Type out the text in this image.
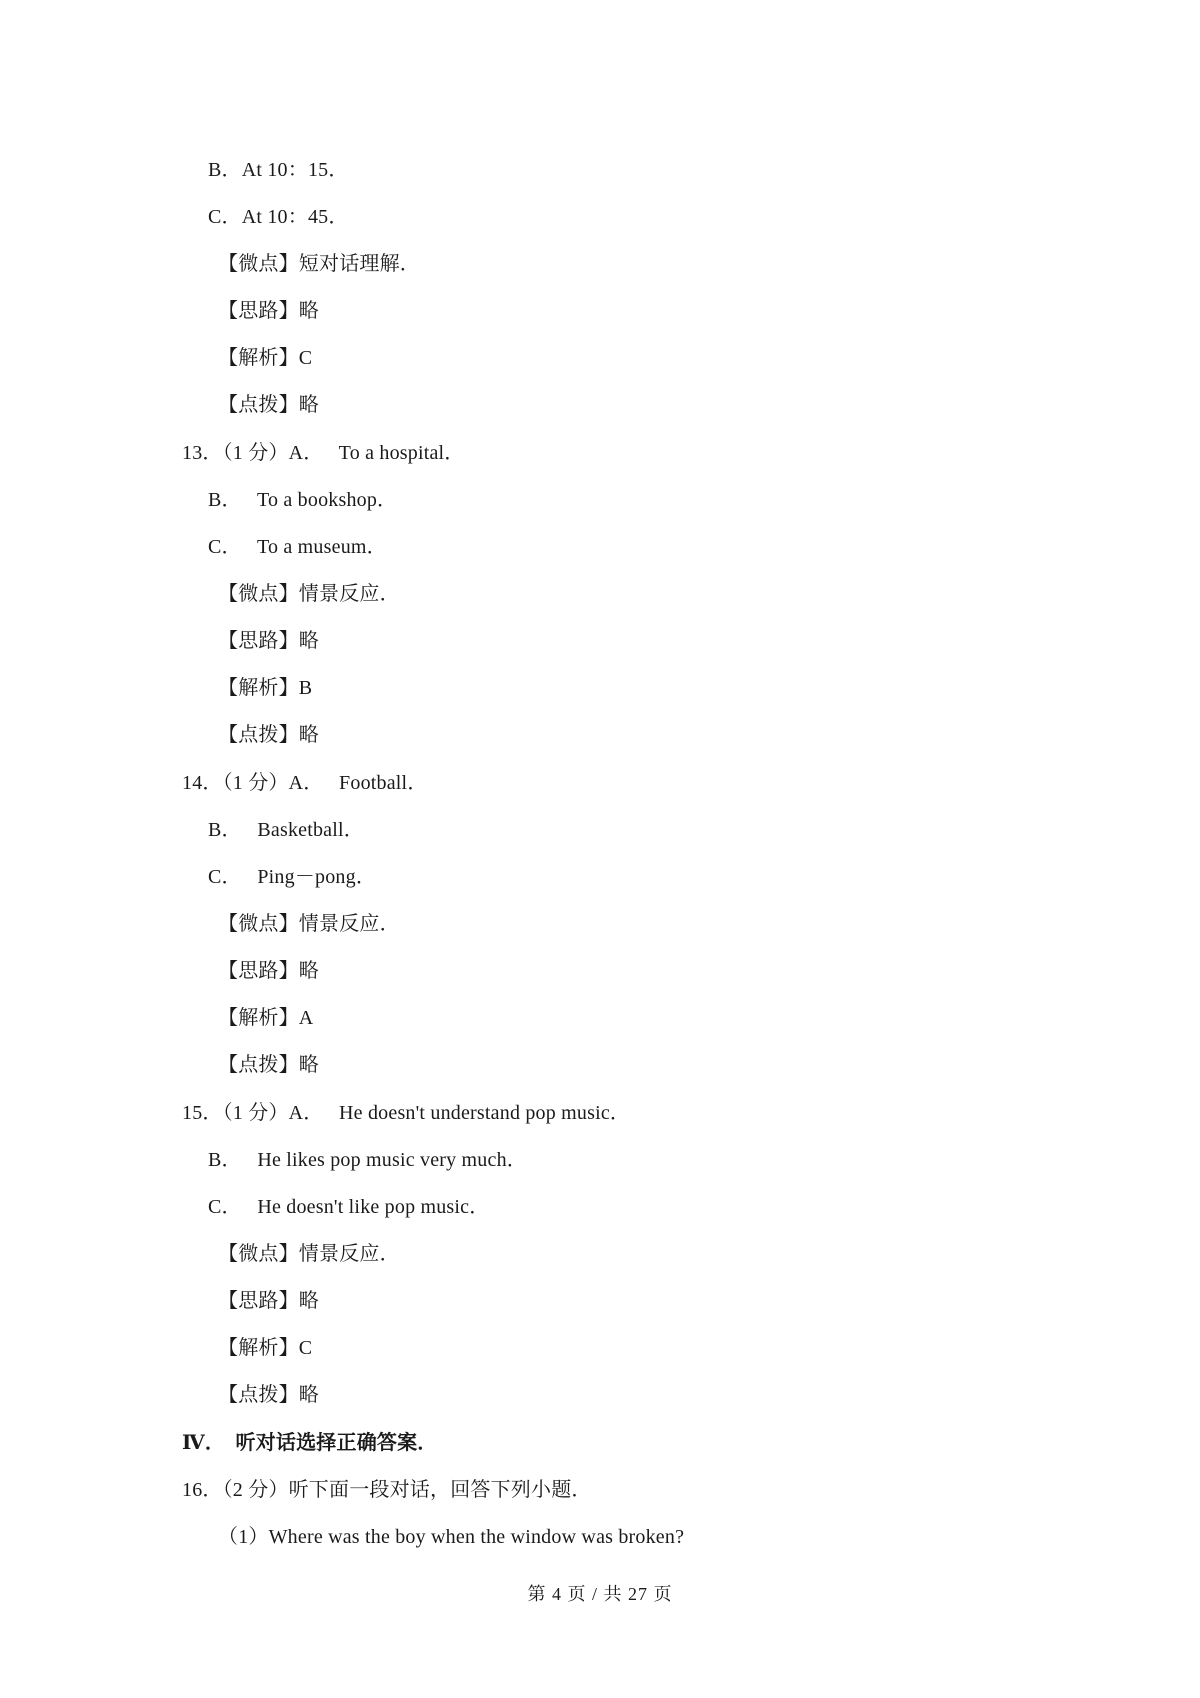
B．At 10：15．
C．At 10：45．
【微点】短对话理解．
【思路】略
【解析】C
【点拨】略
13．（1 分）A．   To a hospital．
B．   To a bookshop．
C．   To a museum．
【微点】情景反应．
【思路】略
【解析】B
【点拨】略
14．（1 分）A．   Football．
B．   Basketball．
C．   Ping－pong．
【微点】情景反应．
【思路】略
【解析】A
【点拨】略
15．（1 分）A．   He doesn't understand pop music．
B．   He likes pop music very much．
C．   He doesn't like pop music．
【微点】情景反应．
【思路】略
【解析】C
【点拨】略
Ⅳ．  听对话选择正确答案．
16．（2 分）听下面一段对话，回答下列小题．
（1）Where was the boy when the window was broken?
第 4 页 / 共 27 页
